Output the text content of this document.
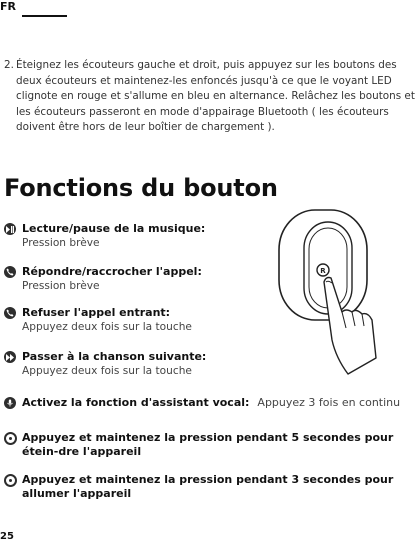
FR
2. Éteignez les écouteurs gauche et droit, puis appuyez sur les boutons des deux écouteurs et maintenez-les enfoncés jusqu'à ce que le voyant LED clignote en rouge et s'allume en bleu en alternance. Relâchez les boutons et les écouteurs passeront en mode d'appairage Bluetooth ( les écouteurs doivent être hors de leur boîtier de chargement ).
Fonctions du bouton
Lecture/pause de la musique:
Pression brève
Répondre/raccrocher l'appel:
Pression brève
Refuser l'appel entrant:
Appuyez deux fois sur la touche
Passer à la chanson suivante:
Appuyez deux fois sur la touche
Activez la fonction d'assistant vocal: Appuyez 3 fois en continu
Appuyez et maintenez la pression pendant 5 secondes pour étein-dre l'appareil
Appuyez et maintenez la pression pendant 3 secondes pour allumer l'appareil
R
25
